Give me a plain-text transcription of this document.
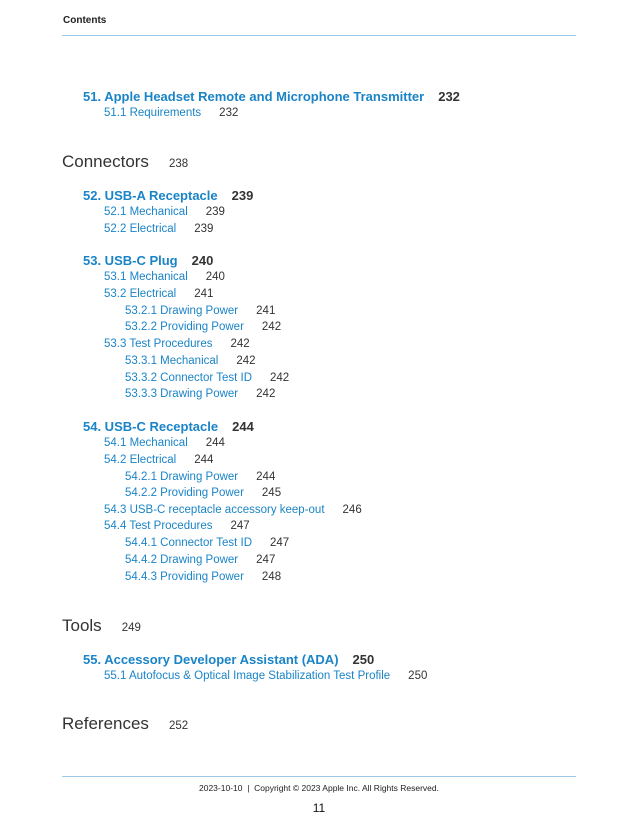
Contents
51. Apple Headset Remote and Microphone Transmitter 232
51.1 Requirements 232
Connectors 238
52. USB-A Receptacle 239
52.1 Mechanical 239
52.2 Electrical 239
53. USB-C Plug 240
53.1 Mechanical 240
53.2 Electrical 241
53.2.1 Drawing Power 241
53.2.2 Providing Power 242
53.3 Test Procedures 242
53.3.1 Mechanical 242
53.3.2 Connector Test ID 242
53.3.3 Drawing Power 242
54. USB-C Receptacle 244
54.1 Mechanical 244
54.2 Electrical 244
54.2.1 Drawing Power 244
54.2.2 Providing Power 245
54.3 USB-C receptacle accessory keep-out 246
54.4 Test Procedures 247
54.4.1 Connector Test ID 247
54.4.2 Drawing Power 247
54.4.3 Providing Power 248
Tools 249
55. Accessory Developer Assistant (ADA) 250
55.1 Autofocus & Optical Image Stabilization Test Profile 250
References 252
2023-10-10  |  Copyright © 2023 Apple Inc. All Rights Reserved.
11
